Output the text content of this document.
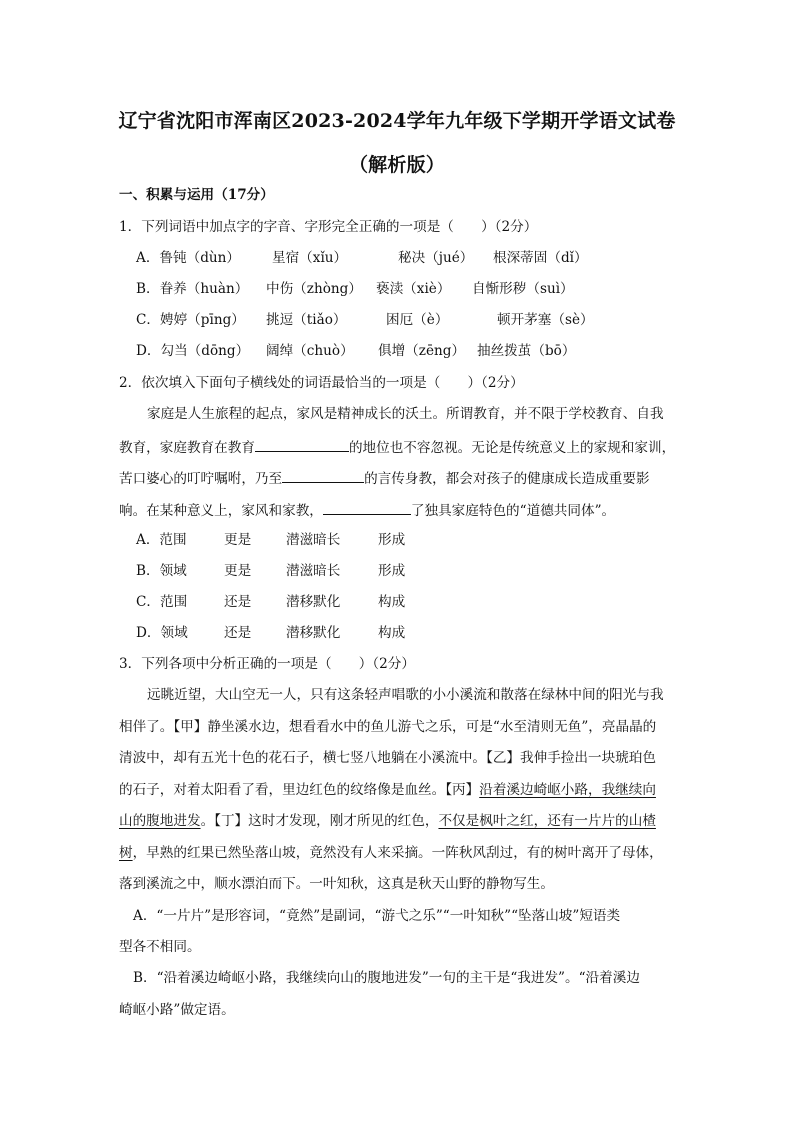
辽宁省沈阳市浑南区2023-2024学年九年级下学期开学语文试卷
（解析版）
一、积累与运用（17分）
1．下列词语中加点字的字音、字形完全正确的一项是（　　）（2分）
A．鲁钝（dùn） 星宿（xǐu）	秘决（jué） 根深蒂固（dǐ）
B．眷养（huàn） 中伤（zhòng） 亵渎（xiè） 自惭形秽（suì）
C．娉婷（pīng） 挑逗（tiǎo）	困厄（è）	顿开茅塞（sè）
D．勾当（dōng） 阔绰（chuò） 俱增（zēng） 抽丝拨茧（bō）
2．依次填入下面句子横线处的词语最恰当的一项是（　　）（2分）
家庭是人生旅程的起点，家风是精神成长的沃土。所谓教育，并不限于学校教育、自我
教育，家庭教育在教育	的地位也不容忽视。无论是传统意义上的家规和家训，
苦口婆心的叮咛嘱咐，乃至	的言传身教，都会对孩子的健康成长造成重要影
响。在某种意义上，家风和家教，	了独具家庭特色的“道德共同体”。
A．范围	更是	潜滋暗长	形成
B．领域	更是	潜滋暗长	形成
C．范围	还是	潜移默化	构成
D．领域	还是	潜移默化	构成
3．下列各项中分析正确的一项是（　　）（2分）
远眺近望，大山空无一人，只有这条轻声唱歌的小小溪流和散落在绿林中间的阳光与我
相伴了。【甲】静坐溪水边，想看看水中的鱼儿游弋之乐，可是“水至清则无鱼”，亮晶晶的
清波中，却有五光十色的花石子，横七竖八地躺在小溪流中。【乙】我伸手捡出一块琥珀色
的石子，对着太阳看了看，里边红色的纹络像是血丝。【丙】沿着溪边崎岖小路，我继续向
山的腹地进发。【丁】这时才发现，刚才所见的红色，不仅是枫叶之红，还有一片片的山楂
树，早熟的红果已然坠落山坡，竟然没有人来采摘。一阵秋风刮过，有的树叶离开了母体，
落到溪流之中，顺水漂泊而下。一叶知秋，这真是秋天山野的静物写生。
A．“一片片”是形容词，“竟然”是副词，“游弋之乐”“一叶知秋”“坠落山坡”短语类
型各不相同。
B．“沿着溪边崎岖小路，我继续向山的腹地进发”一句的主干是“我进发”。“沿着溪边
崎岖小路”做定语。
